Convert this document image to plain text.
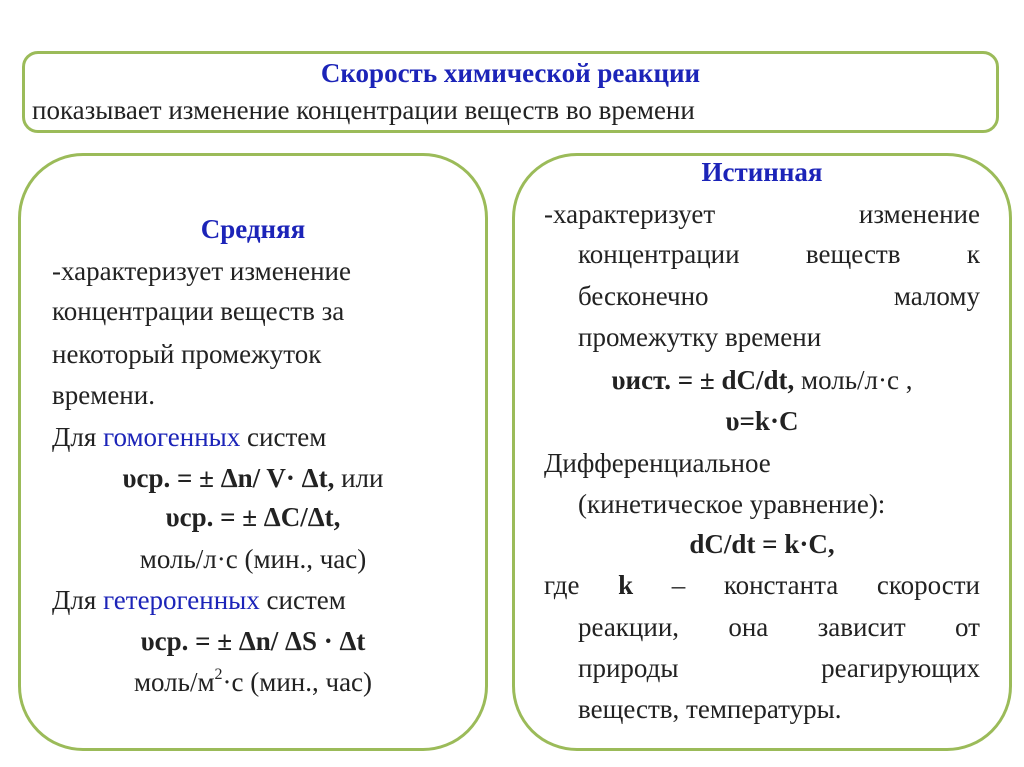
Скорость химической реакции
показывает изменение концентрации веществ во времени
Средняя
-характеризует изменение
концентрации веществ за
некоторый промежуток
времени.
Для гомогенных систем
υср. = ± Δn/ V· Δt, или
υср. = ± ΔC/Δt,
моль/л·с (мин., час)
Для гетерогенных систем
υср. = ± Δn/ ΔS · Δt
моль/$м^2\cdot с$ (мин., час)
Истинная
-характеризует	изменение
концентрации веществ к
бесконечно	малому
промежутку времени
υист. = ± dC/dt, моль/л·с ,
υ=k·C
Дифференциальное
(кинетическое уравнение):
dC/dt = k·C,
где k – константа скорости
реакции, она зависит от
природы	реагирующих
веществ, температуры.
